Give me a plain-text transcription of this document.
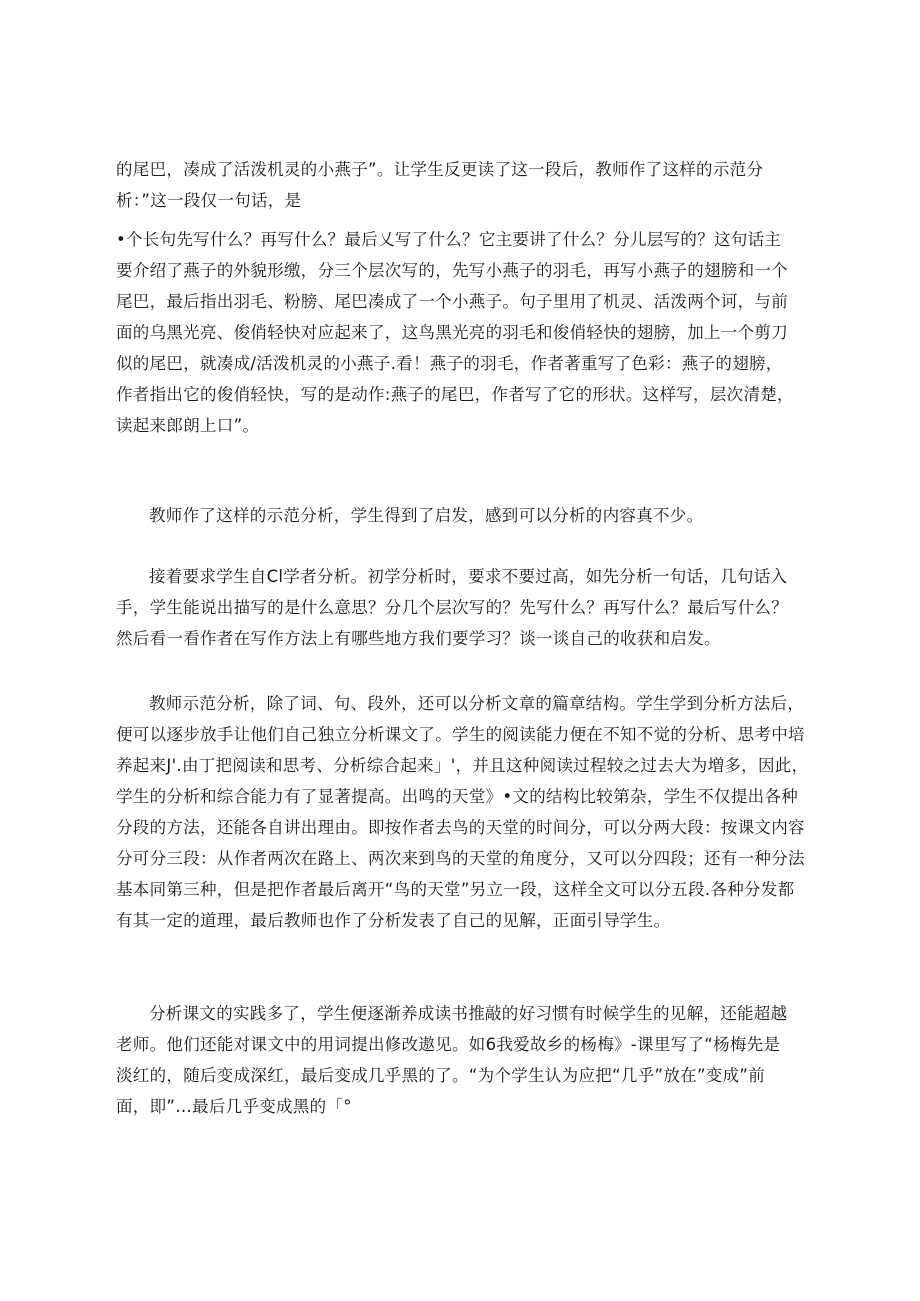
的尾巴，凑成了活泼机灵的小燕子”。让学生反更读了这一段后，教师作了这样的示范分
析：”这一段仅一句话，是
•个长句先写什么？再写什么？最后乂写了什么？它主要讲了什么？分儿层写的？这句话主
要介绍了燕子的外貌形缴，分三个层次写的，先写小燕子的羽毛，再写小燕子的翅膀和一个
尾巴，最后指出羽毛、粉膀、尾巴凑成了一个小燕子。句子里用了机灵、活泼两个诃，与前
面的乌黑光亮、俊俏轻快对应起来了，这鸟黑光亮的羽毛和俊俏轻快的翅膀，加上一个剪刀
似的尾巴，就凑成/活泼机灵的小燕子.看！燕子的羽毛，作者著重写了色彩：燕子的翅膀，
作者指出它的俊俏轻快，写的是动作:燕子的尾巴，作者写了它的形状。这样写，层次清楚，
读起来郎朗上口”。
教师作了这样的示范分析，学生得到了启发，感到可以分析的内容真不少。
接着要求学生自Cl学者分析。初学分析时，要求不要过高，如先分析一句话，几句话入
手，学生能说出描写的是什么意思？分几个层次写的？先写什么？再写什么？最后写什么？
然后看一看作者在写作方法上有哪些地方我们要学习？谈一谈自己的收获和启发。
教师示范分析，除了词、句、段外，还可以分析文章的篇章结构。学生学到分析方法后，
便可以逐步放手让他们自己独立分析课文了。学生的阅读能力便在不知不觉的分析、思考中培
养起来J'.由丁把阅读和思考、分析综合起来」'，并且这种阅读过程较之过去大为増多，因此，
学生的分析和综合能力有了显著提高。出鸣的天堂》•文的结构比较第杂，学生不仅提出各种
分段的方法，还能各自讲出理由。即按作者去鸟的天堂的时间分，可以分两大段：按课文内容
分可分三段：从作者两次在路上、两次来到鸟的天堂的角度分，又可以分四段；还有一种分法
基本同第三种，但是把作者最后离开“鸟的天堂”另立一段，这样全文可以分五段.各种分发都
有其一定的道理，最后教师也作了分析发表了自己的见解，正面引导学生。
分析课文的实践多了，学生便逐渐养成读书推敲的好习惯有时候学生的见解，还能超越
老师。他们还能对课文中的用词提出修改遨见。如6我爱故乡的杨梅》-课里写了“杨梅先是
淡红的，随后变成深红，最后变成几乎黑的了。“为个学生认为应把“几乎”放在”变成”前
面，即”…最后几乎变成黑的「°
